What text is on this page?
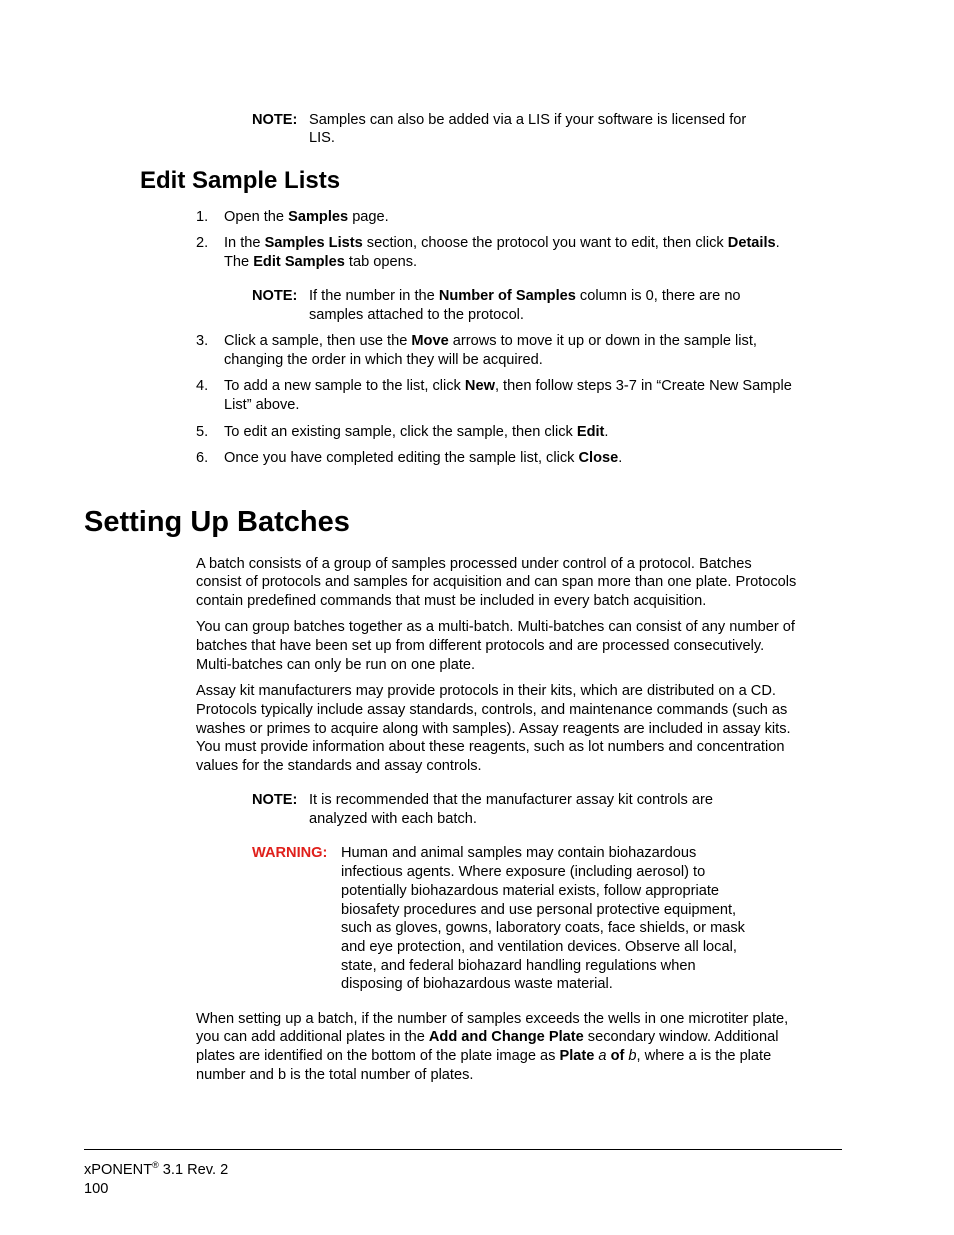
NOTE: Samples can also be added via a LIS if your software is licensed for
LIS.
Edit Sample Lists
1. Open the Samples page.
2. In the Samples Lists section, choose the protocol you want to edit, then click Details.
The Edit Samples tab opens.
NOTE: If the number in the Number of Samples column is 0, there are no
samples attached to the protocol.
3. Click a sample, then use the Move arrows to move it up or down in the sample list,
changing the order in which they will be acquired.
4. To add a new sample to the list, click New, then follow steps 3-7 in “Create New Sample
List” above.
5. To edit an existing sample, click the sample, then click Edit.
6. Once you have completed editing the sample list, click Close.
Setting Up Batches
A batch consists of a group of samples processed under control of a protocol. Batches
consist of protocols and samples for acquisition and can span more than one plate. Protocols
contain predefined commands that must be included in every batch acquisition.
You can group batches together as a multi-batch. Multi-batches can consist of any number of
batches that have been set up from different protocols and are processed consecutively.
Multi-batches can only be run on one plate.
Assay kit manufacturers may provide protocols in their kits, which are distributed on a CD.
Protocols typically include assay standards, controls, and maintenance commands (such as
washes or primes to acquire along with samples). Assay reagents are included in assay kits.
You must provide information about these reagents, such as lot numbers and concentration
values for the standards and assay controls.
NOTE: It is recommended that the manufacturer assay kit controls are
analyzed with each batch.
WARNING: Human and animal samples may contain biohazardous
infectious agents. Where exposure (including aerosol) to
potentially biohazardous material exists, follow appropriate
biosafety procedures and use personal protective equipment,
such as gloves, gowns, laboratory coats, face shields, or mask
and eye protection, and ventilation devices. Observe all local,
state, and federal biohazard handling regulations when
disposing of biohazardous waste material.
When setting up a batch, if the number of samples exceeds the wells in one microtiter plate,
you can add additional plates in the Add and Change Plate secondary window. Additional
plates are identified on the bottom of the plate image as Plate a of b, where a is the plate
number and b is the total number of plates.
xPONENT® 3.1 Rev. 2
100
